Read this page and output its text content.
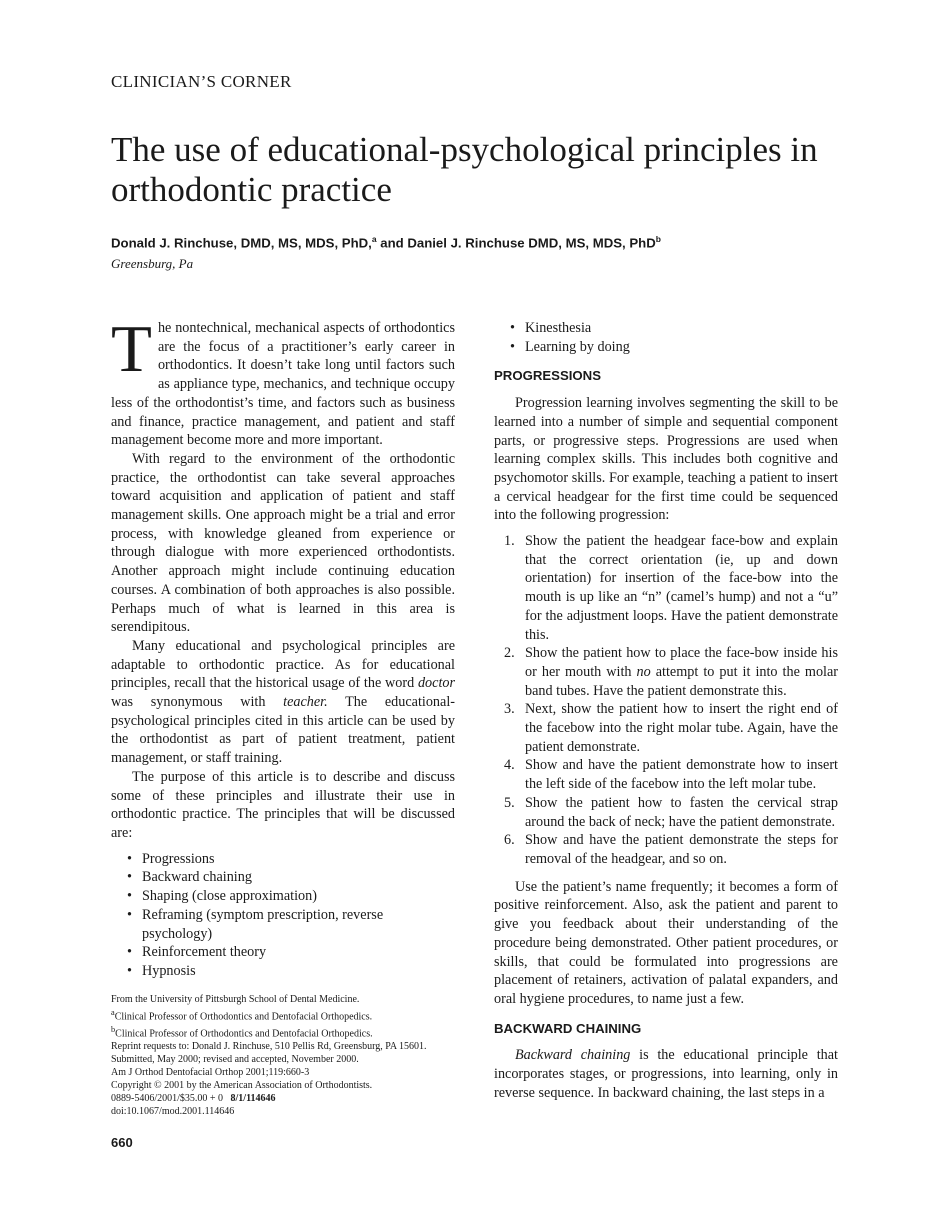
CLINICIAN’S CORNER
The use of educational-psychological principles in orthodontic practice
Donald J. Rinchuse, DMD, MS, MDS, PhD,$^a$ and Daniel J. Rinchuse DMD, MS, MDS, PhD$^b$
Greensburg, Pa

The nontechnical, mechanical aspects of orthodontics are the focus of a practitioner’s early career in orthodontics. It doesn’t take long until factors such as appliance type, mechanics, and technique occupy less of the orthodontist’s time, and factors such as business and finance, practice management, and patient and staff management become more and more important.

With regard to the environment of the orthodontic practice, the orthodontist can take several approaches toward acquisition and application of patient and staff management skills. One approach might be a trial and error process, with knowledge gleaned from experience or through dialogue with more experienced orthodontists. Another approach might include continuing education courses. A combination of both approaches is also possible. Perhaps much of what is learned in this area is serendipitous.

Many educational and psychological principles are adaptable to orthodontic practice. As for educational principles, recall that the historical usage of the word doctor was synonymous with teacher. The educational-psychological principles cited in this article can be used by the orthodontist as part of patient treatment, patient management, or staff training.

The purpose of this article is to describe and discuss some of these principles and illustrate their use in orthodontic practice. The principles that will be discussed are:

• Progressions
• Backward chaining
• Shaping (close approximation)
• Reframing (symptom prescription, reverse psychology)
• Reinforcement theory
• Hypnosis
From the University of Pittsburgh School of Dental Medicine.
$^a$Clinical Professor of Orthodontics and Dentofacial Orthopedics.
$^b$Clinical Professor of Orthodontics and Dentofacial Orthopedics.
Reprint requests to: Donald J. Rinchuse, 510 Pellis Rd, Greensburg, PA 15601.
Submitted, May 2000; revised and accepted, November 2000.
Am J Orthod Dentofacial Orthop 2001;119:660-3
Copyright © 2001 by the American Association of Orthodontists.
0889-5406/2001/$35.00 + 0 8/1/114646
doi:10.1067/mod.2001.114646
• Kinesthesia
• Learning by doing
PROGRESSIONS

Progression learning involves segmenting the skill to be learned into a number of simple and sequential component parts, or progressive steps. Progressions are used when learning complex skills. This includes both cognitive and psychomotor skills. For example, teaching a patient to insert a cervical headgear for the first time could be sequenced into the following progression:

1. Show the patient the headgear face-bow and explain that the correct orientation (ie, up and down orientation) for insertion of the face-bow into the mouth is up like an “n” (camel’s hump) and not a “u” for the adjustment loops. Have the patient demonstrate this.
2. Show the patient how to place the face-bow inside his or her mouth with no attempt to put it into the molar band tubes. Have the patient demonstrate this.
3. Next, show the patient how to insert the right end of the facebow into the right molar tube. Again, have the patient demonstrate.
4. Show and have the patient demonstrate how to insert the left side of the facebow into the left molar tube.
5. Show the patient how to fasten the cervical strap around the back of neck; have the patient demonstrate.
6. Show and have the patient demonstrate the steps for removal of the headgear, and so on.

Use the patient’s name frequently; it becomes a form of positive reinforcement. Also, ask the patient and parent to give you feedback about their understanding of the procedure being demonstrated. Other patient procedures, or skills, that could be formulated into progressions are placement of retainers, activation of palatal expanders, and oral hygiene procedures, to name just a few.

BACKWARD CHAINING

Backward chaining is the educational principle that incorporates stages, or progressions, into learning, only in reverse sequence. In backward chaining, the last steps in a

660
